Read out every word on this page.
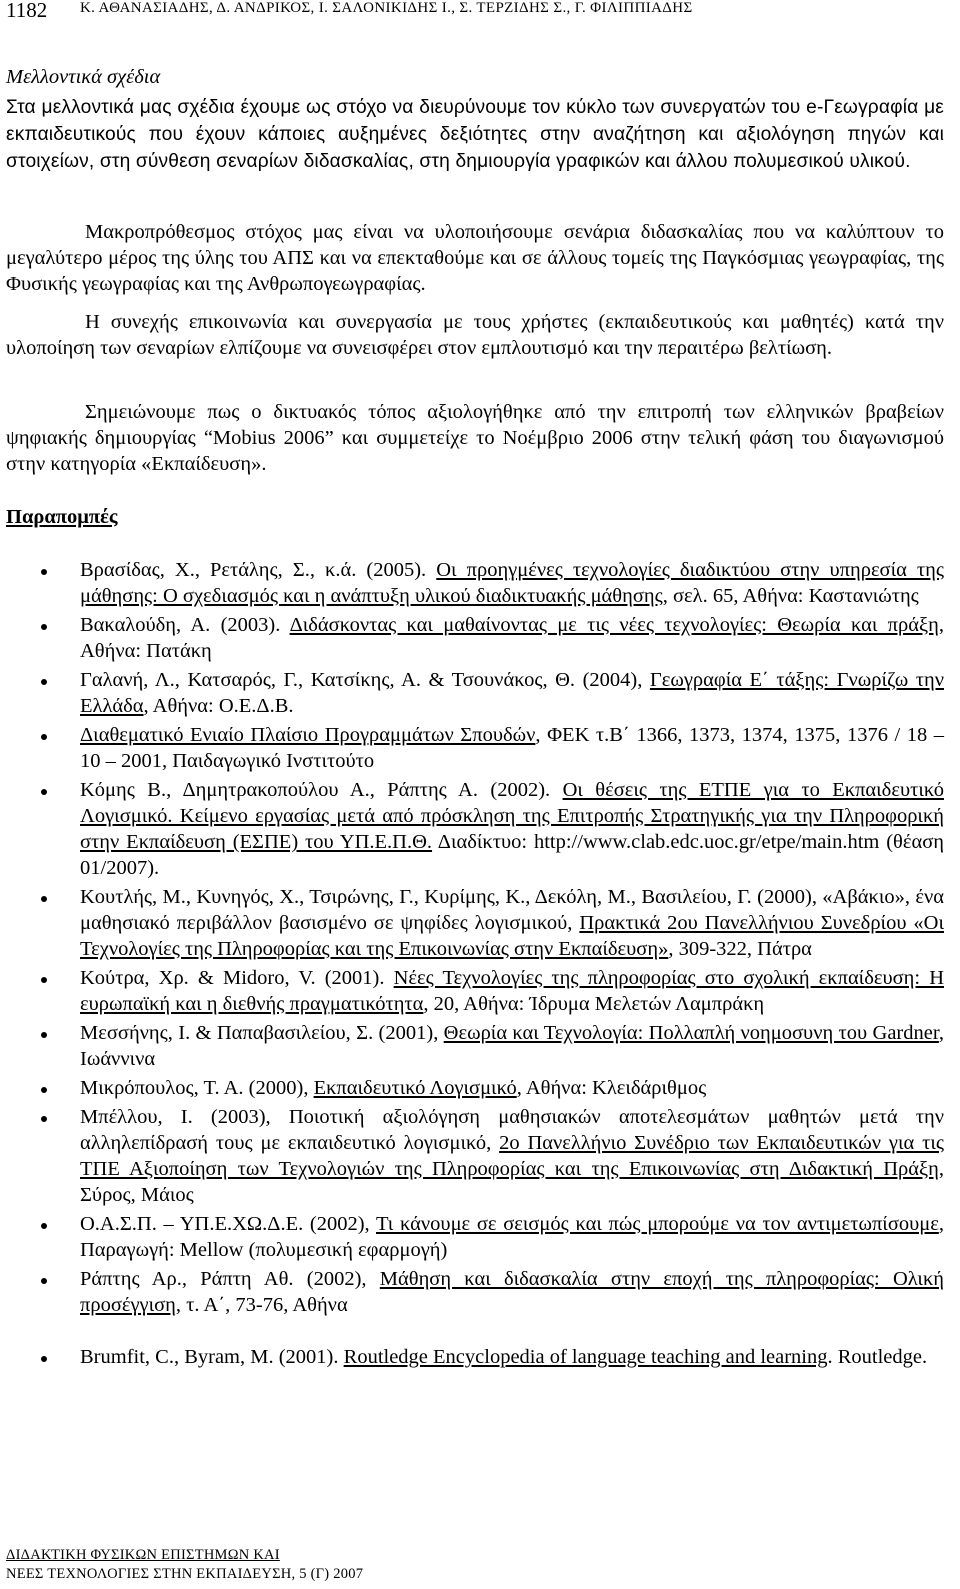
1182 Κ. ΑΘΑΝΑΣΙΑΔΗΣ, Δ. ΑΝΔΡΙΚΟΣ, Ι. ΣΑΛΟΝΙΚΙΔΗΣ Ι., Σ. ΤΕΡΖΙΔΗΣ Σ., Γ. ΦΙΛΙΠΠΙΑΔΗΣ
Μελλοντικά σχέδια

Στα μελλοντικά μας σχέδια έχουμε ως στόχο να διευρύνουμε τον κύκλο των συνεργατών του e-Γεωγραφία με εκπαιδευτικούς που έχουν κάποιες αυξημένες δεξιότητες στην αναζήτηση και αξιολόγηση πηγών και στοιχείων, στη σύνθεση σεναρίων διδασκαλίας, στη δημιουργία γραφικών και άλλου πολυμεσικού υλικού.

Μακροπρόθεσμος στόχος μας είναι να υλοποιήσουμε σενάρια διδασκαλίας που να καλύπτουν το μεγαλύτερο μέρος της ύλης του ΑΠΣ και να επεκταθούμε και σε άλλους τομείς της Παγκόσμιας γεωγραφίας, της Φυσικής γεωγραφίας και της Ανθρωπογεωγραφίας.

Η συνεχής επικοινωνία και συνεργασία με τους χρήστες (εκπαιδευτικούς και μαθητές) κατά την υλοποίηση των σεναρίων ελπίζουμε να συνεισφέρει στον εμπλουτισμό και την περαιτέρω βελτίωση.

Σημειώνουμε πως ο δικτυακός τόπος αξιολογήθηκε από την επιτροπή των ελληνικών βραβείων ψηφιακής δημιουργίας “Mobius 2006” και συμμετείχε το Νοέμβριο 2006 στην τελική φάση του διαγωνισμού στην κατηγορία «Εκπαίδευση».

Παραπομπές
Βρασίδας, Χ., Ρετάλης, Σ., κ.ά. (2005). Οι προηγμένες τεχνολογίες διαδικτύου στην υπηρεσία της μάθησης: Ο σχεδιασμός και η ανάπτυξη υλικού διαδικτυακής μάθησης, σελ. 65, Αθήνα: Καστανιώτης
Βακαλούδη, Α. (2003). Διδάσκοντας και μαθαίνοντας με τις νέες τεχνολογίες: Θεωρία και πράξη, Αθήνα: Πατάκη
Γαλανή, Λ., Κατσαρός, Γ., Κατσίκης, Α. & Τσουνάκος, Θ. (2004), Γεωγραφία Ε΄ τάξης: Γνωρίζω την Ελλάδα, Αθήνα: Ο.Ε.Δ.Β.
Διαθεματικό Ενιαίο Πλαίσιο Προγραμμάτων Σπουδών, ΦΕΚ τ.Β΄ 1366, 1373, 1374, 1375, 1376 / 18 – 10 – 2001, Παιδαγωγικό Ινστιτούτο
Κόμης Β., Δημητρακοπούλου Α., Ράπτης Α. (2002). Οι θέσεις της ΕΤΠΕ για το Εκπαιδευτικό Λογισμικό. Κείμενο εργασίας μετά από πρόσκληση της Επιτροπής Στρατηγικής για την Πληροφορική στην Εκπαίδευση (ΕΣΠΕ) του ΥΠ.Ε.Π.Θ. Διαδίκτυο: http://www.clab.edc.uoc.gr/etpe/main.htm (θέαση 01/2007).
Κουτλής, Μ., Κυνηγός, Χ., Τσιρώνης, Γ., Κυρίμης, Κ., Δεκόλη, Μ., Βασιλείου, Γ. (2000), «Αβάκιο», ένα μαθησιακό περιβάλλον βασισμένο σε ψηφίδες λογισμικού, Πρακτικά 2ου Πανελλήνιου Συνεδρίου «Οι Τεχνολογίες της Πληροφορίας και της Επικοινωνίας στην Εκπαίδευση», 309-322, Πάτρα
Κούτρα, Χρ. & Midoro, V. (2001). Νέες Τεχνολογίες της πληροφορίας στο σχολική εκπαίδευση: Η ευρωπαϊκή και η διεθνής πραγματικότητα, 20, Αθήνα: Ίδρυμα Μελετών Λαμπράκη
Μεσσήνης, Ι. & Παπαβασιλείου, Σ. (2001), Θεωρία και Τεχνολογία: Πολλαπλή νοημοσυνη του Gardner, Ιωάννινα
Μικρόπουλος, Τ. Α. (2000), Εκπαιδευτικό Λογισμικό, Αθήνα: Κλειδάριθμος
Μπέλλου, Ι. (2003), Ποιοτική αξιολόγηση μαθησιακών αποτελεσμάτων μαθητών μετά την αλληλεπίδρασή τους με εκπαιδευτικό λογισμικό, 2ο Πανελλήνιο Συνέδριο των Εκπαιδευτικών για τις ΤΠΕ Αξιοποίηση των Τεχνολογιών της Πληροφορίας και της Επικοινωνίας στη Διδακτική Πράξη, Σύρος, Μάιος
Ο.Α.Σ.Π. – ΥΠ.Ε.ΧΩ.Δ.Ε. (2002), Τι κάνουμε σε σεισμός και πώς μπορούμε να τον αντιμετωπίσουμε, Παραγωγή: Mellow (πολυμεσική εφαρμογή)
Ράπτης Αρ., Ράπτη Αθ. (2002), Μάθηση και διδασκαλία στην εποχή της πληροφορίας: Ολική προσέγγιση, τ. Α΄, 73-76, Αθήνα
Brumfit, C., Byram, M. (2001). Routledge Encyclopedia of language teaching and learning. Routledge.
ΔΙΔΑΚΤΙΚΗ ΦΥΣΙΚΩΝ ΕΠΙΣΤΗΜΩΝ ΚΑΙ
ΝΕΕΣ ΤΕΧΝΟΛΟΓΙΕΣ ΣΤΗΝ ΕΚΠΑΙΔΕΥΣΗ, 5 (Γ) 2007
